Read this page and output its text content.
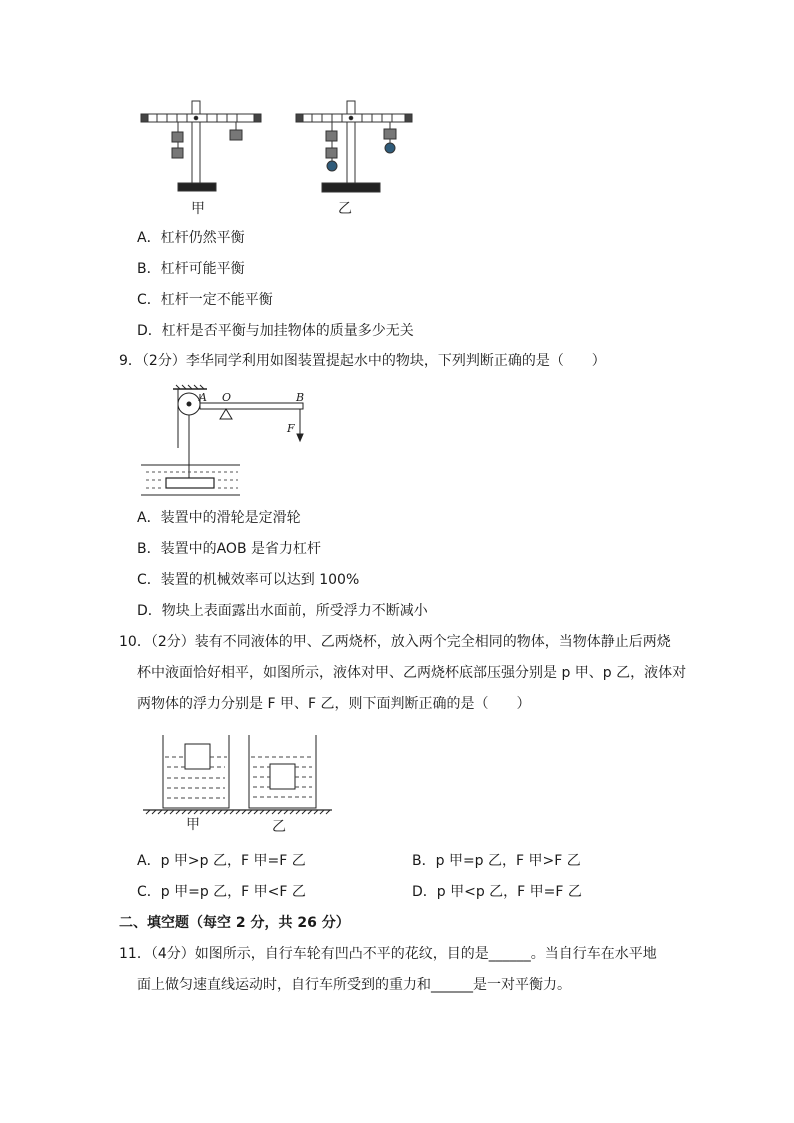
甲	乙
A．杠杆仍然平衡
B．杠杆可能平衡
C．杠杆一定不能平衡
D．杠杆是否平衡与加挂物体的质量多少无关
9．（2分）李华同学利用如图装置提起水中的物块，下列判断正确的是（　　）
A O	B
F
A．装置中的滑轮是定滑轮
B．装置中的AOB 是省力杠杆
C．装置的机械效率可以达到 100%
D．物块上表面露出水面前，所受浮力不断减小
10．（2分）装有不同液体的甲、乙两烧杯，放入两个完全相同的物体，当物体静止后两烧
杯中液面恰好相平，如图所示，液体对甲、乙两烧杯底部压强分别是 p 甲、p 乙，液体对
两物体的浮力分别是 F 甲、F 乙，则下面判断正确的是（　　）
甲	乙
A．p 甲>p 乙，F 甲=F 乙	B．p 甲=p 乙，F 甲>F 乙
C．p 甲=p 乙，F 甲<F 乙	D．p 甲<p 乙，F 甲=F 乙
二、填空题（每空 2 分，共 26 分）
11．（4分）如图所示，自行车轮有凹凸不平的花纹，目的是______。当自行车在水平地
面上做匀速直线运动时，自行车所受到的重力和______是一对平衡力。
